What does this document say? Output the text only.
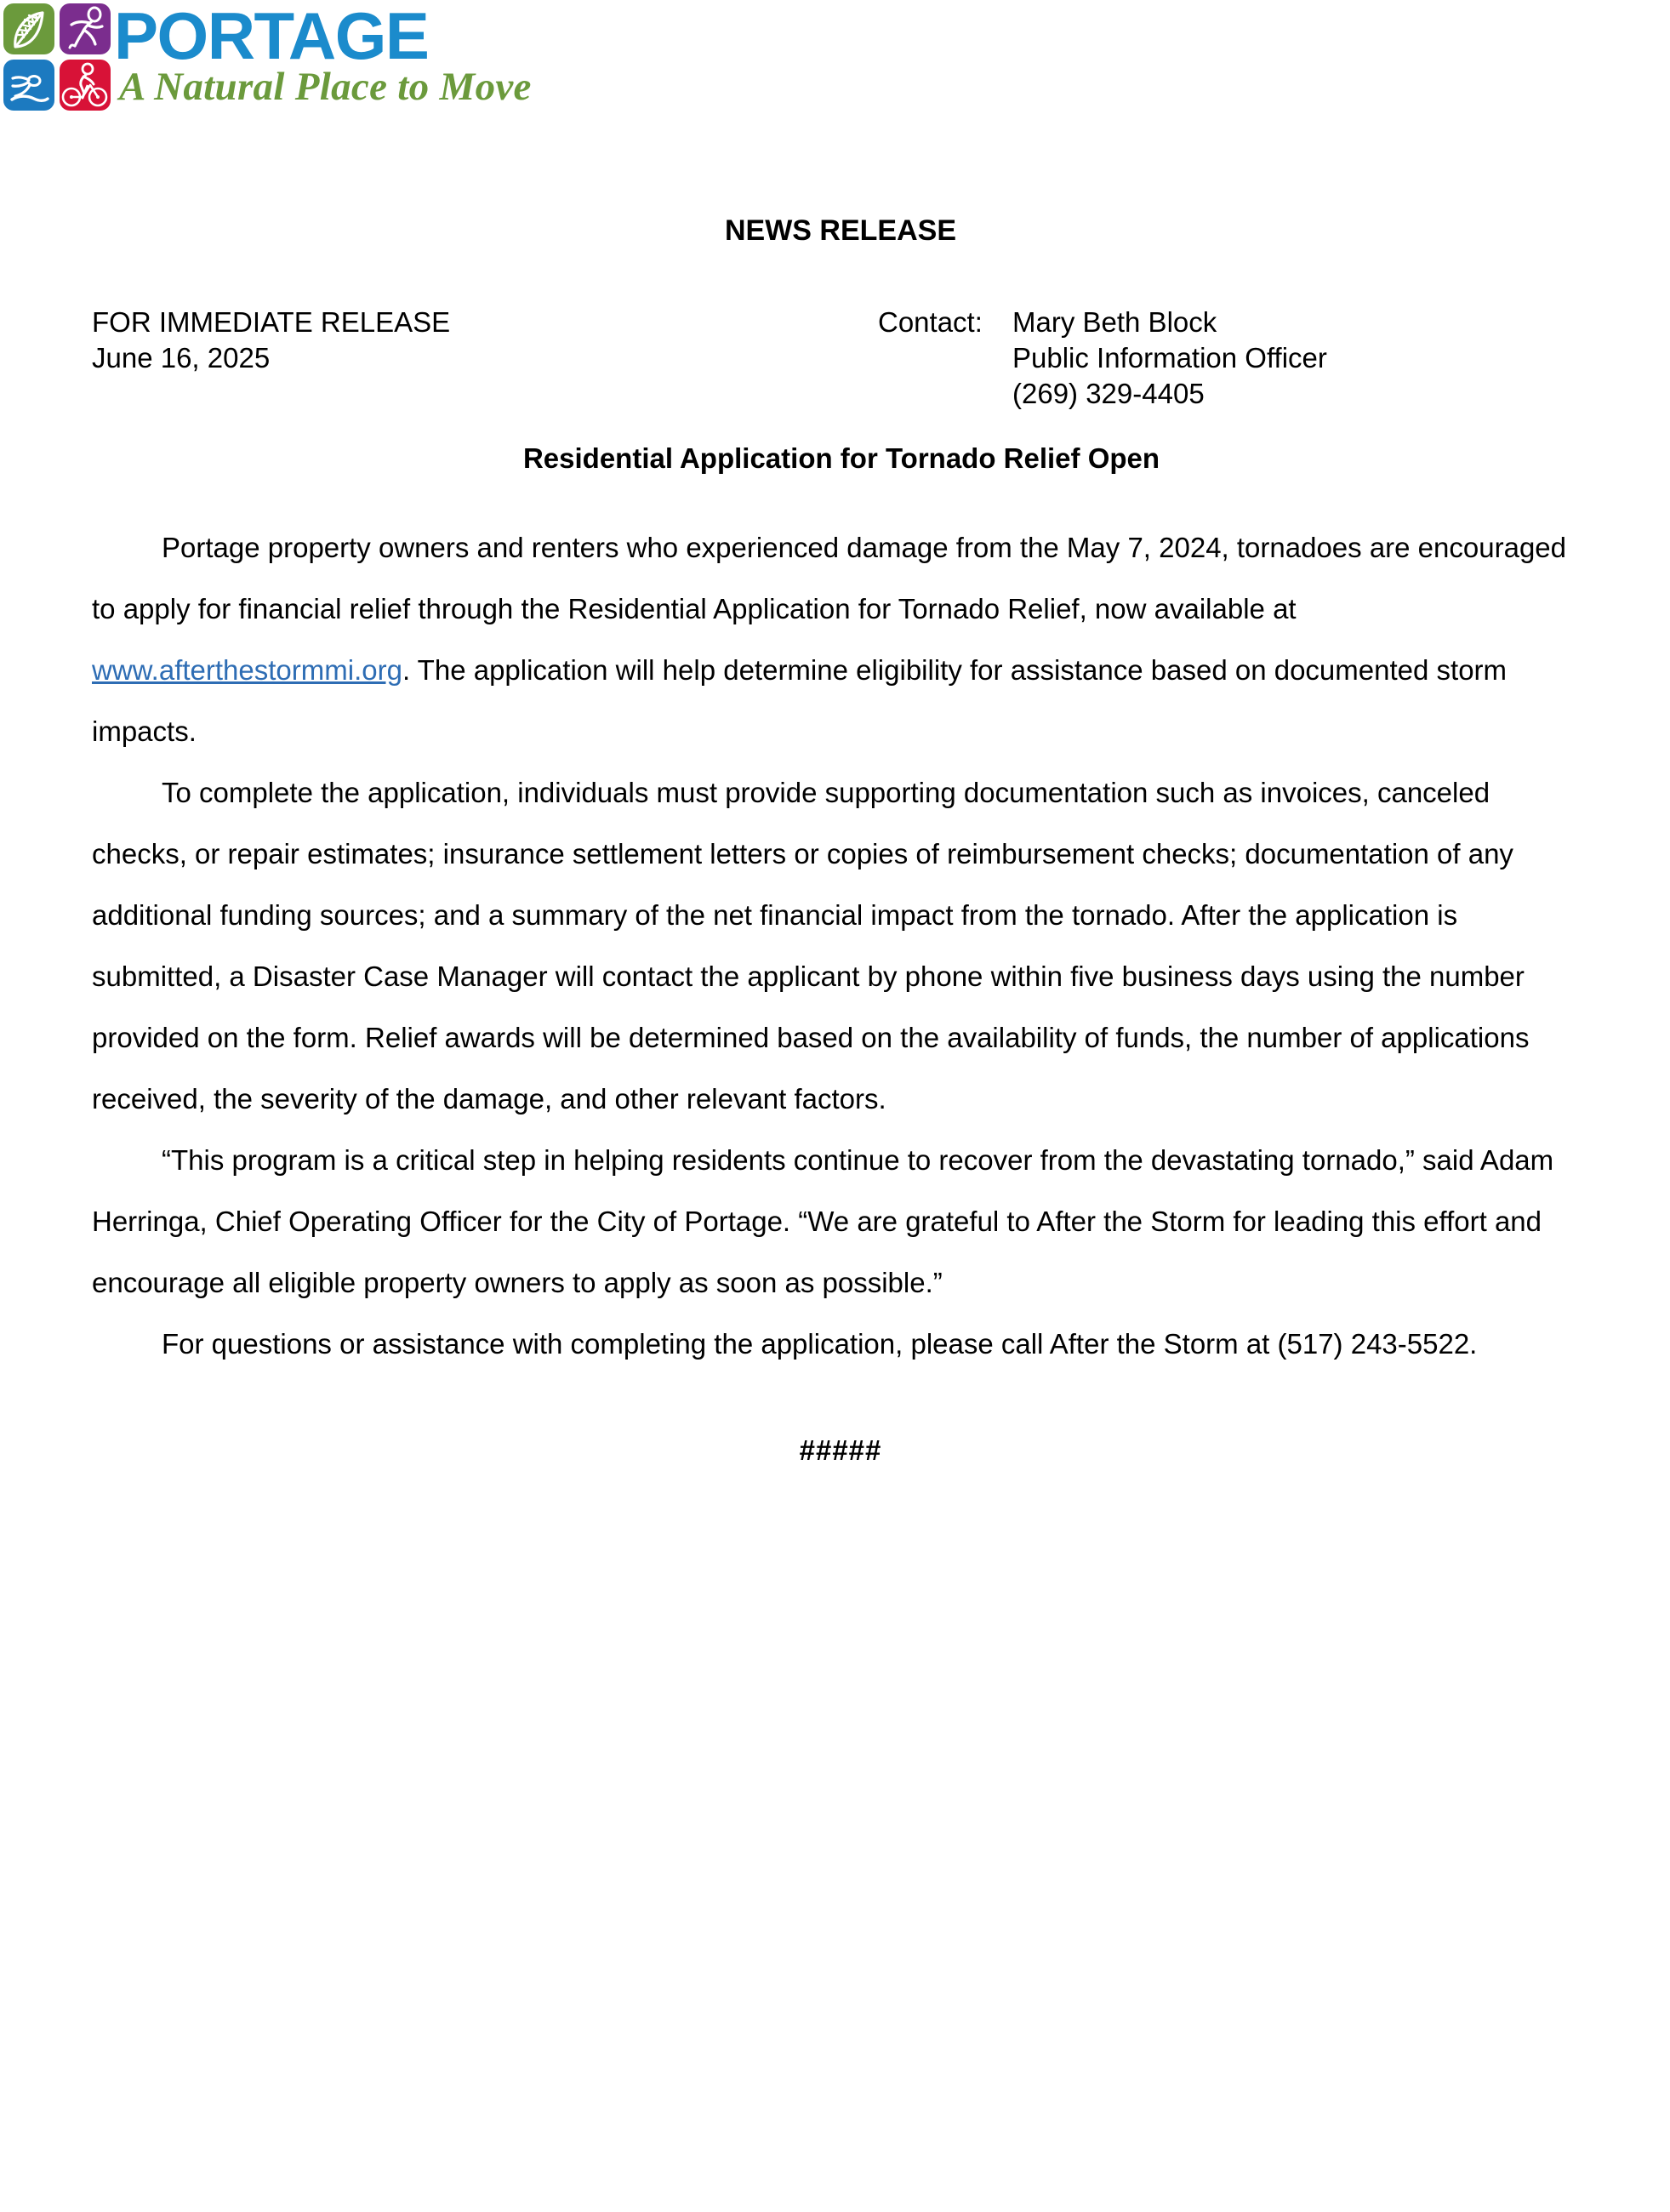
PORTAGE
A Natural Place to Move
NEWS RELEASE
FOR IMMEDIATE RELEASE
June 16, 2025
Contact:	Mary Beth Block
Public Information Officer
(269) 329-4405
Residential Application for Tornado Relief Open

Portage property owners and renters who experienced damage from the May 7, 2024, tornadoes are encouraged to apply for financial relief through the Residential Application for Tornado Relief, now available at www.afterthestormmi.org. The application will help determine eligibility for assistance based on documented storm impacts.

To complete the application, individuals must provide supporting documentation such as invoices, canceled checks, or repair estimates; insurance settlement letters or copies of reimbursement checks; documentation of any additional funding sources; and a summary of the net financial impact from the tornado. After the application is submitted, a Disaster Case Manager will contact the applicant by phone within five business days using the number provided on the form. Relief awards will be determined based on the availability of funds, the number of applications received, the severity of the damage, and other relevant factors.

“This program is a critical step in helping residents continue to recover from the devastating tornado,” said Adam Herringa, Chief Operating Officer for the City of Portage. “We are grateful to After the Storm for leading this effort and encourage all eligible property owners to apply as soon as possible.”

For questions or assistance with completing the application, please call After the Storm at (517) 243-5522.

#####
